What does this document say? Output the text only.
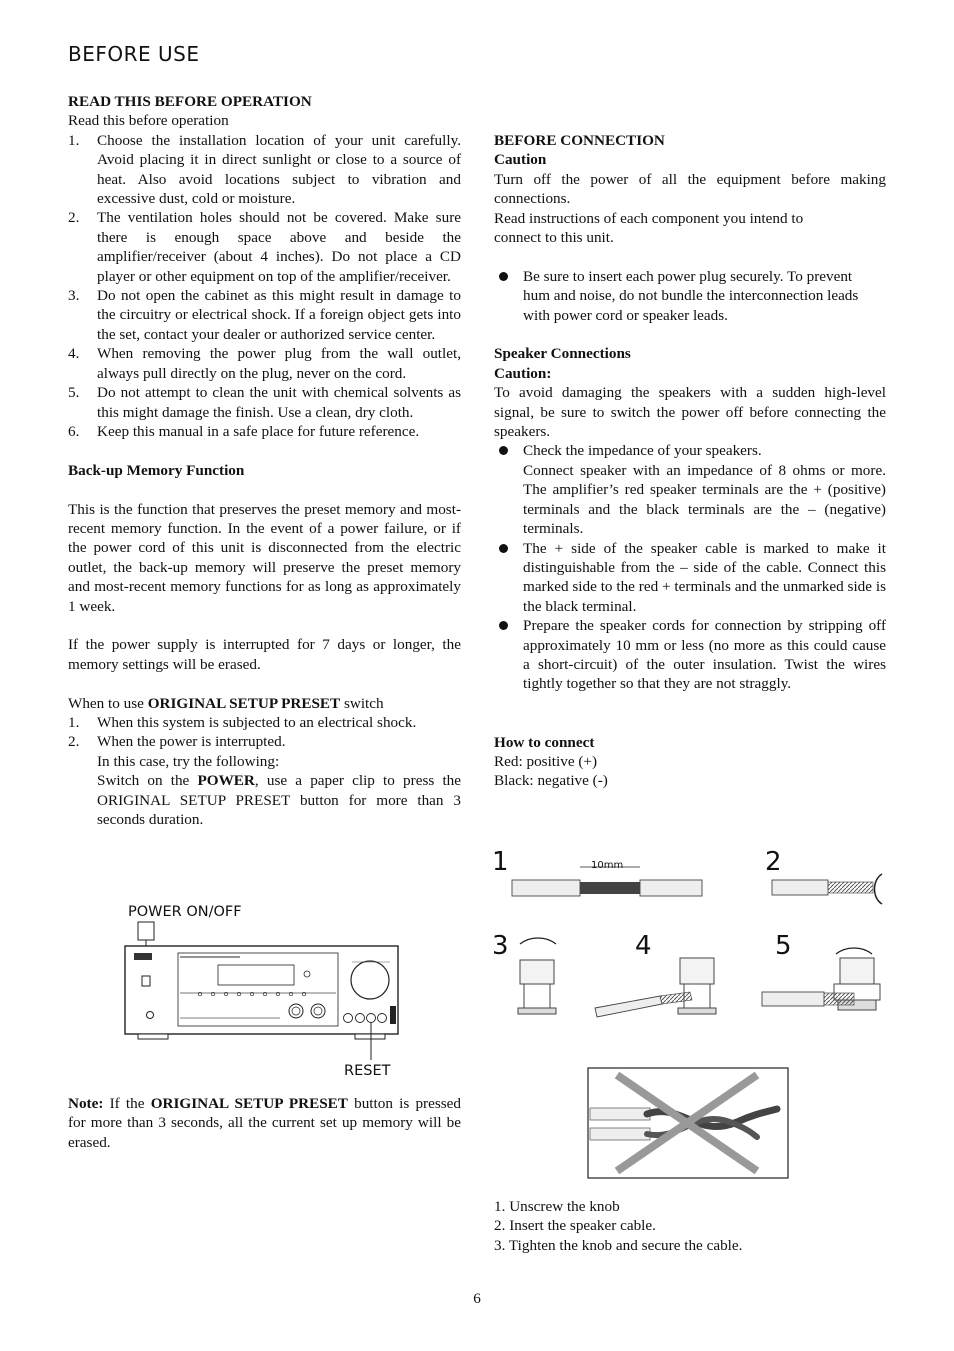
BEFORE USE

READ THIS BEFORE OPERATION

Read this before operation

1. Choose the installation location of your unit carefully. Avoid placing it in direct sunlight or close to a source of heat. Also avoid locations subject to vibration and excessive dust, cold or moisture.
2. The ventilation holes should not be covered. Make sure there is enough space above and beside the amplifier/receiver (about 4 inches). Do not place a CD player or other equipment on top of the amplifier/receiver.
3. Do not open the cabinet as this might result in damage to the circuitry or electrical shock. If a foreign object gets into the set, contact your dealer or authorized service center.
4. When removing the power plug from the wall outlet, always pull directly on the plug, never on the cord.
5. Do not attempt to clean the unit with chemical solvents as this might damage the finish. Use a clean, dry cloth.
6. Keep this manual in a safe place for future reference.

Back-up Memory Function

This is the function that preserves the preset memory and most-recent memory function. In the event of a power failure, or if the power cord of this unit is disconnected from the electric outlet, the back-up memory will preserve the preset memory and most-recent memory functions for as long as approximately 1 week.

If the power supply is interrupted for 7 days or longer, the memory settings will be erased.

When to use ORIGINAL SETUP PRESET switch

1. When this system is subjected to an electrical shock.
2. When the power is interrupted.
In this case, try the following:
Switch on the POWER, use a paper clip to press the ORIGINAL SETUP PRESET button for more than 3 seconds duration.
POWER ON/OFF
RESET

Note: If the ORIGINAL SETUP PRESET button is pressed for more than 3 seconds, all the current set up memory will be erased.

BEFORE CONNECTION

Caution

Turn off the power of all the equipment before making connections.

Read instructions of each component you intend to connect to this unit.

Be sure to insert each power plug securely. To prevent hum and noise, do not bundle the interconnection leads with power cord or speaker leads.

Speaker Connections

Caution:

To avoid damaging the speakers with a sudden high-level signal, be sure to switch the power off before connecting the speakers.

Check the impedance of your speakers.
Connect speaker with an impedance of 8 ohms or more. The amplifier’s red speaker terminals are the + (positive) terminals and the black terminals are the – (negative) terminals.
The + side of the speaker cable is marked to make it distinguishable from the – side of the cable. Connect this marked side to the red + terminals and the unmarked side is the black terminal.
Prepare the speaker cords for connection by stripping off approximately 10 mm or less (no more as this could cause a short-circuit) of the outer insulation. Twist the wires tightly together so that they are not straggly.

How to connect

Red: positive (+)

Black: negative (-)

1	10mm	2
3	4	5

1. Unscrew the knob

2. Insert the speaker cable.

3. Tighten the knob and secure the cable.

6
